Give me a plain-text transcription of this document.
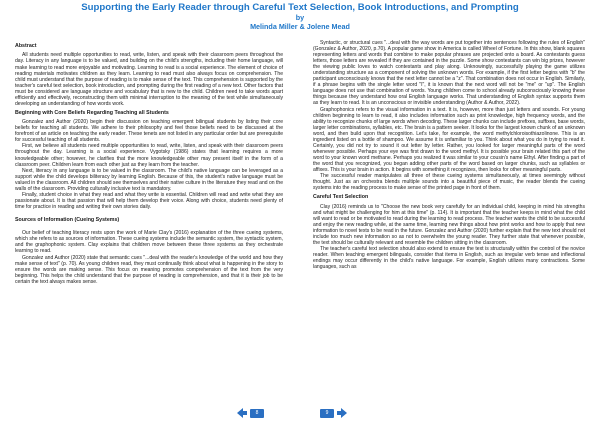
Supporting the Early Reader through Careful Text Selection, Book Introductions, and Prompting
by
Melinda Miller & Jolene Mead
Abstract

All students need multiple opportunities to read, write, listen, and speak with their classroom peers throughout the day. Literacy in any language is to be valued, and building on the child's strengths, including their home language, will make learning to read more enjoyable and motivating. Learning to read is a social experience. The element of choice of reading materials motivates children as they learn. Learning to read must also always focus on comprehension. The child must understand that the purpose of reading is to make sense of the text. This comprehension is supported by the teacher's careful text selection, book introduction, and prompting during the first reading of a new text. Other factors that must be considered are language structure and vocabulary that is new to the child. Children need to take words apart efficiently and effectively, reconstructing them with minimal interruption to the meaning of the text while simultaneously developing an understanding of how words work.

Beginning with Core Beliefs Regarding Teaching all Students

Gonzalez and Author (2020) begin their discussion on teaching emergent bilingual students by listing their core beliefs for teaching all students. We adhere to their philosophy and feel those beliefs need to be discussed at the forefront of an article on teaching the early reader. These tenets are not listed in any particular order but are prerequisite for successful teaching of all students.

First, we believe all students need multiple opportunities to read, write, listen, and speak with their classroom peers throughout the day. Learning is a social experience. Vygotsky (1986) states that learning requires a more knowledgeable other; however, he clarifies that the more knowledgeable other may present itself in the form of a classroom peer. Children learn from each other just as they learn from the teacher.

Next, literacy in any language is to be valued in the classroom. The child's native language can be leveraged as a support while the child develops biliteracy by learning English. Because of this, the student's native language must be valued in the classroom. All children should see themselves and their native culture in the literature they read and on the walls of the classroom. Providing culturally inclusive text is mandatory.

Finally, student choice in what they read and what they write is essential. Children will read and write what they are passionate about. It is that passion that will help them develop their voice. Along with choice, students need plenty of time for practice in reading and writing their own stories daily.

Sources of Information (Cueing Systems)

Our belief of teaching literacy rests upon the work of Marie Clay's (2016) explanation of the three cueing systems, which she refers to as sources of information. These cueing systems include the semantic system, the syntactic system, and the graphophonic system. Clay explains that children move between these three systems as they orchestrate learning to read.

Gonzalez and Author (2020) state that semantic cues "...deal with the reader's knowledge of the world and how they make sense of text" (p. 70). As young children read, they must continually think about what is happening in the story to ensure the words are making sense. This focus on meaning promotes comprehension of the text from the very beginning. This helps the child understand that the purpose of reading is comprehension, and that it is their job to be certain the text always makes sense.

Syntactic, or structural cues "...deal with the way words are put together into sentences following the rules of English" (Gonzalez & Author, 2020, p.70). A popular game show in America is called Wheel of Fortune. In this show, blank squares representing letters and words that combine to make popular phrases are projected onto a board. As contestants guess letters, those letters are revealed if they are contained in the puzzle. Some show contestants can win big prizes, however the viewing public loves to watch contestants and play along. Unknowingly, successfully playing the game utilizes understanding structure as a component of solving the unknown words. For example, if the first letter begins with "b" the participant unconsciously knows that the next letter cannot be a "z". That combination does not occur in English. Similarly, if a phrase begins with the single letter word "I", it is known that the next word will not be "me" or "up". The English language does not use that combination of words. Young children come to school already subconsciously knowing these things because they understand how oral English language works. That understanding of English syntax supports them as they learn to read. It is an unconscious or invisible understanding (Author & Author, 2022).

Graphophonics refers to the visual information in a text. It is, however, more than just letters and sounds. For young children beginning to learn to read, it also includes information such as print knowledge, high frequency words, and the ability to recognize chunks of large words when decoding. These larger chunks can include prefixes, suffixes, base words, larger letter combinations, syllables, etc. The brain is a pattern seeker. It looks for the largest known chunk of an unknown word, and then build upon that recognition. Let's take, for example, the word methylchloroisothiazolinone. This is an ingredient listed on a bottle of shampoo. We assume it is unfamiliar to you. Think about what you do in trying to read it. Certainly, you did not try to sound it out letter by letter. Rather, you looked for larger meaningful parts of the word whenever possible. Perhaps your eye was first drawn to the word methyl. It is possible your brain related this part of the word to your known word methane. Perhaps you realized it was similar to your cousin's name Ethyl. After finding a part of the word that you recognized, you began adding other parts of the word based on larger chunks, such as syllables or affixes. This is your brain in action. It begins with something it recognizes, then looks for other meaningful parts.

The successful reader manipulates all three of these cueing systems simultaneously, at times seemingly without thought. Just as an orchestra blends multiple sounds into a beautiful piece of music, the reader blends the cueing systems into the reading process to make sense of the printed page in front of them.

Careful Text Selection

Clay (2016) reminds us to "Choose the new book very carefully for an individual child, keeping in mind his strengths and what might be challenging for him at this time" (p. 114). It is important that the teacher keeps in mind what the child will want to read or be motivated to read during the learning to read process. The teacher wants the child to be successful and enjoy the new reading while, at the same time, learning new things about how print works and how to apply that new information to novel texts to be read in the future. Gonzalez and Author (2020) further explain that the new text should not include too much new information so as not to overwhelm the young reader. They further state that whenever possible, the text should be culturally relevant and resemble the children sitting in the classroom.

The teacher's careful text selection should also extend to ensure the text is structurally within the control of the novice reader. When teaching emergent bilinguals, consider that items in English, such as irregular verb tense and inflectional endings may occur differently in the child's native language. For example, English utilizes many contractions. Some languages, such as

8	9
